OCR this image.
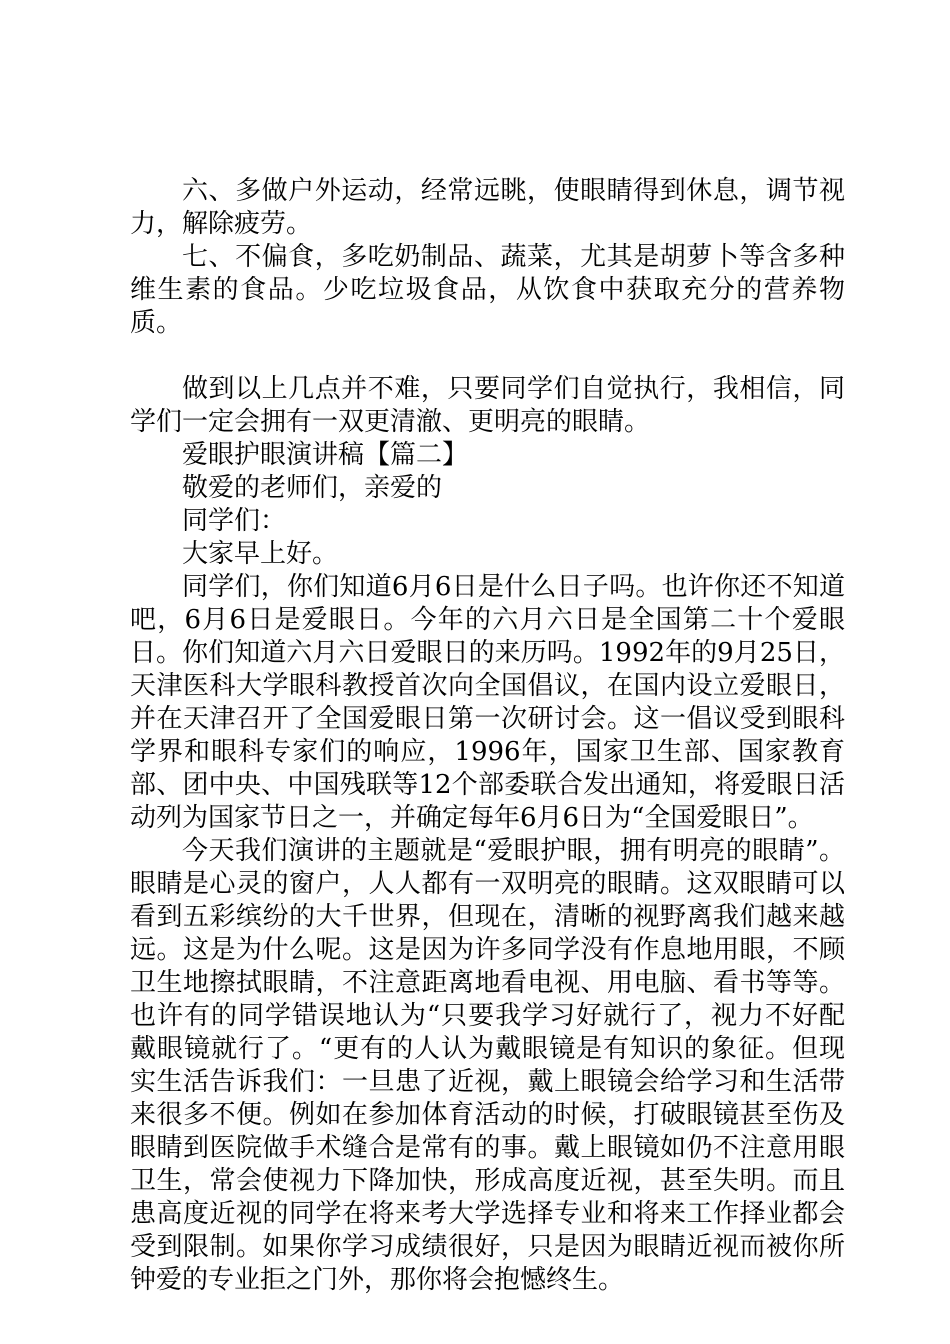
六、多做户外运动，经常远眺，使眼睛得到休息，调节视力，解除疲劳。

七、不偏食，多吃奶制品、蔬菜，尤其是胡萝卜等含多种维生素的食品。少吃垃圾食品，从饮食中获取充分的营养物质。

做到以上几点并不难，只要同学们自觉执行，我相信，同学们一定会拥有一双更清澈、更明亮的眼睛。

爱眼护眼演讲稿【篇二】

敬爱的老师们，亲爱的

同学们：

大家早上好。

同学们，你们知道6月6日是什么日子吗。也许你还不知道吧，6月6日是爱眼日。今年的六月六日是全国第二十个爱眼日。你们知道六月六日爱眼日的来历吗。1992年的9月25日，天津医科大学眼科教授首次向全国倡议，在国内设立爱眼日，并在天津召开了全国爱眼日第一次研讨会。这一倡议受到眼科学界和眼科专家们的响应，1996年，国家卫生部、国家教育部、团中央、中国残联等12个部委联合发出通知，将爱眼日活动列为国家节日之一，并确定每年6月6日为“全国爱眼日”。

今天我们演讲的主题就是“爱眼护眼，拥有明亮的眼睛”。眼睛是心灵的窗户，人人都有一双明亮的眼睛。这双眼睛可以看到五彩缤纷的大千世界，但现在，清晰的视野离我们越来越远。这是为什么呢。这是因为许多同学没有作息地用眼，不顾卫生地擦拭眼睛，不注意距离地看电视、用电脑、看书等等。也许有的同学错误地认为“只要我学习好就行了，视力不好配戴眼镜就行了。“更有的人认为戴眼镜是有知识的象征。但现实生活告诉我们：一旦患了近视，戴上眼镜会给学习和生活带来很多不便。例如在参加体育活动的时候，打破眼镜甚至伤及眼睛到医院做手术缝合是常有的事。戴上眼镜如仍不注意用眼卫生，常会使视力下降加快，形成高度近视，甚至失明。而且患高度近视的同学在将来考大学选择专业和将来工作择业都会受到限制。如果你学习成绩很好，只是因为眼睛近视而被你所钟爱的专业拒之门外，那你将会抱憾终生。
